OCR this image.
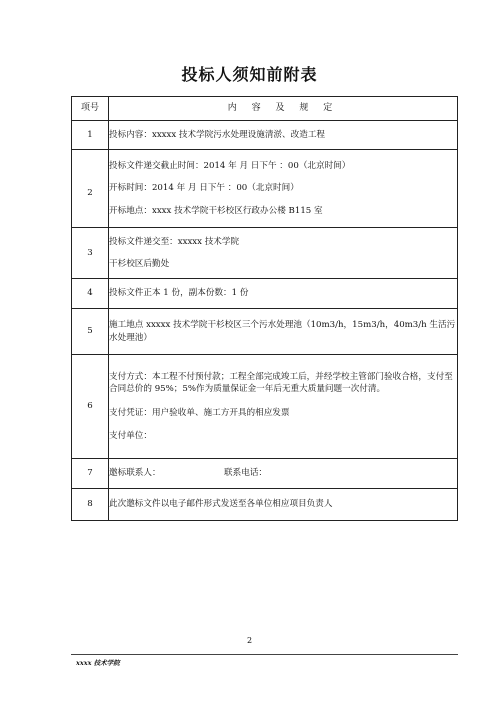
投标人须知前附表
项号	内 容 及 规 定
1	投标内容：xxxxx 技术学院污水处理设施清淤、改造工程

2	投标文件递交截止时间：2014 年 月 日下午 ：00（北京时间）

开标时间：2014 年 月 日下午 ：00（北京时间）

开标地点：xxxx 技术学院干杉校区行政办公楼 B115 室

3	投标文件递交至：xxxxx 技术学院

干杉校区后勤处

4	投标文件正本 1 份，副本份数：1 份

5	施工地点 xxxxx 技术学院干杉校区三个污水处理池（10m3/h，15m3/h，40m3/h 生活污水处理池）

6	支付方式：本工程不付预付款；工程全部完成竣工后，并经学校主管部门验收合格，支付至合同总价的 95%；5%作为质量保证金一年后无重大质量问题一次付清。

支付凭证：用户验收单、施工方开具的相应发票

支付单位：

7	邀标联系人： 联系电话：

8	此次邀标文件以电子邮件形式发送至各单位相应项目负责人

2
xxxx 技术学院
